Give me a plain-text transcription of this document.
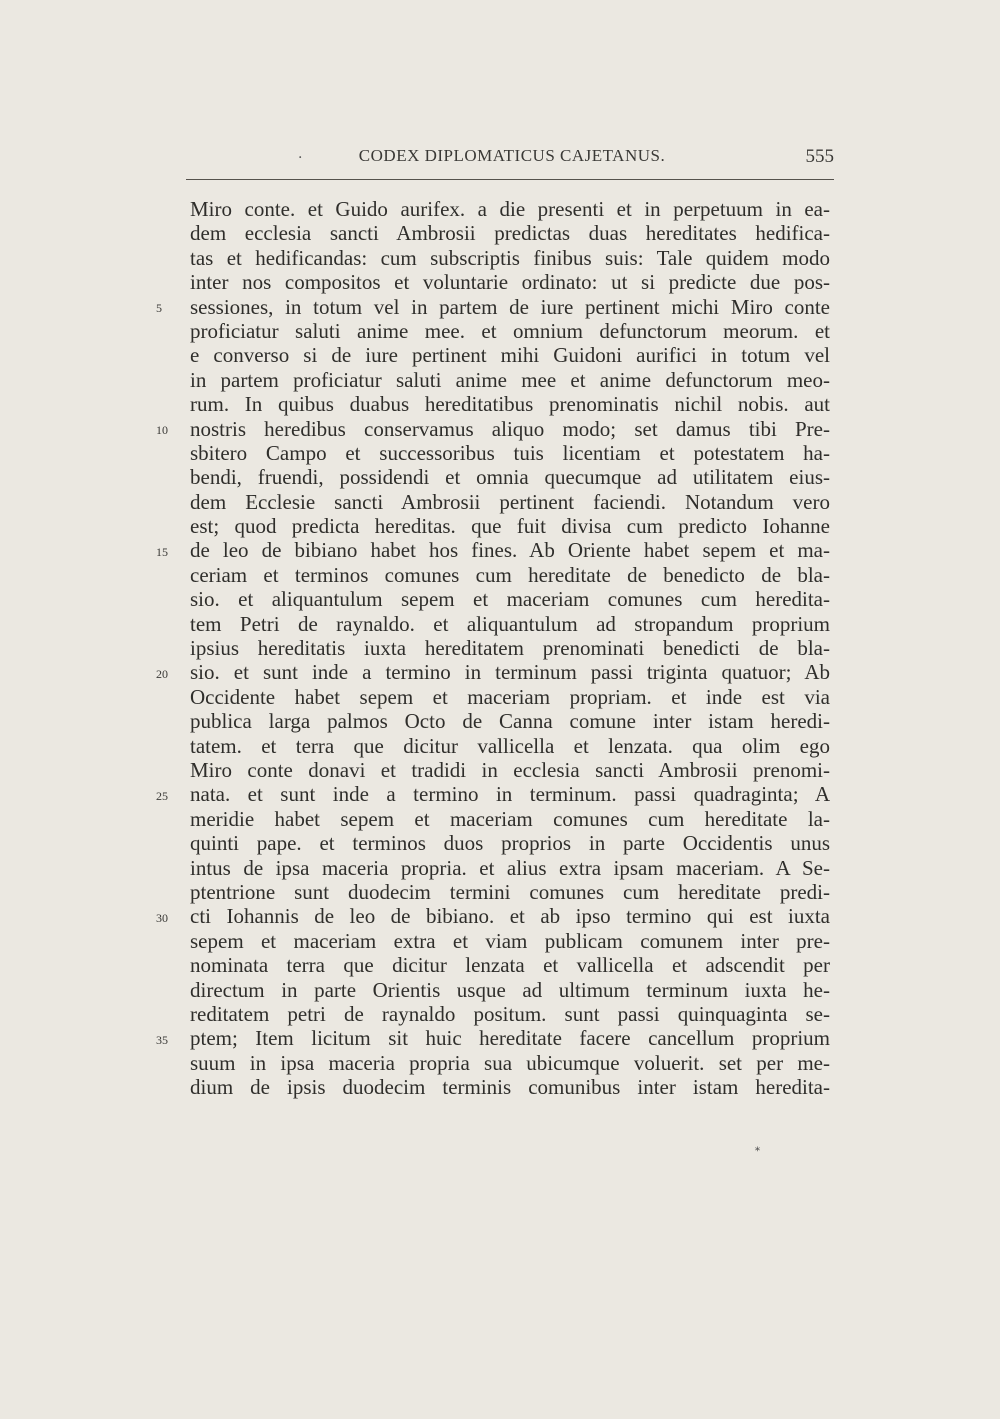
·	CODEX DIPLOMATICUS CAJETANUS.	555
5
10
15
20
25
30
35
Miro conte. et Guido aurifex. a die presenti et in perpetuum in ea-
dem ecclesia sancti Ambrosii predictas duas hereditates hedifica-
tas et hedificandas: cum subscriptis finibus suis: Tale quidem modo
inter nos compositos et voluntarie ordinato: ut si predicte due pos-
sessiones, in totum vel in partem de iure pertinent michi Miro conte
proficiatur saluti anime mee. et omnium defunctorum meorum. et
e converso si de iure pertinent mihi Guidoni aurifici in totum vel
in partem proficiatur saluti anime mee et anime defunctorum meo-
rum. In quibus duabus hereditatibus prenominatis nichil nobis. aut
nostris heredibus conservamus aliquo modo; set damus tibi Pre-
sbitero Campo et successoribus tuis licentiam et potestatem ha-
bendi, fruendi, possidendi et omnia quecumque ad utilitatem eius-
dem Ecclesie sancti Ambrosii pertinent faciendi. Notandum vero
est; quod predicta hereditas. que fuit divisa cum predicto Iohanne
de leo de bibiano habet hos fines. Ab Oriente habet sepem et ma-
ceriam et terminos comunes cum hereditate de benedicto de bla-
sio. et aliquantulum sepem et maceriam comunes cum heredita-
tem Petri de raynaldo. et aliquantulum ad stropandum proprium
ipsius hereditatis iuxta hereditatem prenominati benedicti de bla-
sio. et sunt inde a termino in terminum passi triginta quatuor; Ab
Occidente habet sepem et maceriam propriam. et inde est via
publica larga palmos Octo de Canna comune inter istam heredi-
tatem. et terra que dicitur vallicella et lenzata. qua olim ego
Miro conte donavi et tradidi in ecclesia sancti Ambrosii prenomi-
nata. et sunt inde a termino in terminum. passi quadraginta; A
meridie habet sepem et maceriam comunes cum hereditate la-
quinti pape. et terminos duos proprios in parte Occidentis unus
intus de ipsa maceria propria. et alius extra ipsam maceriam. A Se-
ptentrione sunt duodecim termini comunes cum hereditate predi-
cti Iohannis de leo de bibiano. et ab ipso termino qui est iuxta
sepem et maceriam extra et viam publicam comunem inter pre-
nominata terra que dicitur lenzata et vallicella et adscendit per
directum in parte Orientis usque ad ultimum terminum iuxta he-
reditatem petri de raynaldo positum. sunt passi quinquaginta se-
ptem; Item licitum sit huic hereditate facere cancellum proprium
suum in ipsa maceria propria sua ubicumque voluerit. set per me-
dium de ipsis duodecim terminis comunibus inter istam heredita-
*
